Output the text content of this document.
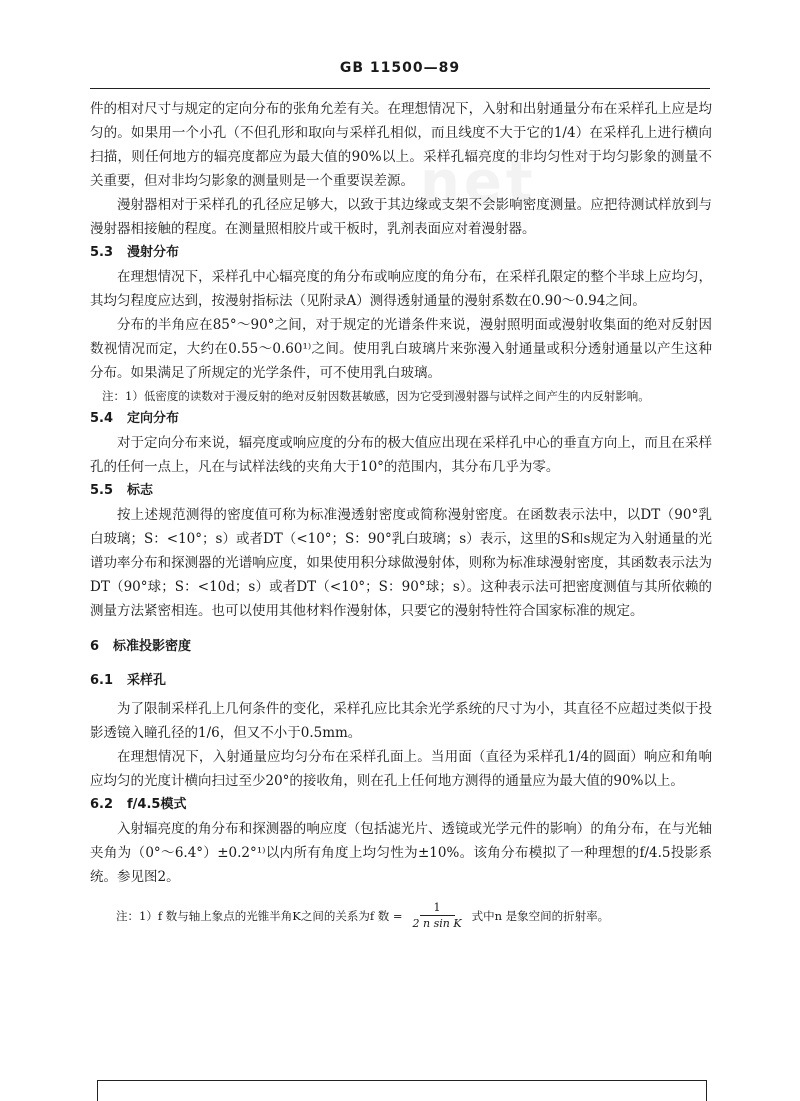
net
GB 11500—89

件的相对尺寸与规定的定向分布的张角允差有关。在理想情况下，入射和出射通量分布在采样孔上应是均匀的。如果用一个小孔（不但孔形和取向与采样孔相似，而且线度不大于它的1/4）在采样孔上进行横向扫描，则任何地方的辐亮度都应为最大值的90%以上。采样孔辐亮度的非均匀性对于均匀影象的测量不关重要，但对非均匀影象的测量则是一个重要误差源。

漫射器相对于采样孔的孔径应足够大，以致于其边缘或支架不会影响密度测量。应把待测试样放到与漫射器相接触的程度。在测量照相胶片或干板时，乳剂表面应对着漫射器。

5.3 漫射分布

在理想情况下，采样孔中心辐亮度的角分布或响应度的角分布，在采样孔限定的整个半球上应均匀，其均匀程度应达到，按漫射指标法（见附录A）测得透射通量的漫射系数在0.90～0.94之间。

分布的半角应在85°～90°之间，对于规定的光谱条件来说，漫射照明面或漫射收集面的绝对反射因数视情况而定，大约在0.55～0.60¹⁾之间。使用乳白玻璃片来弥漫入射通量或积分透射通量以产生这种分布。如果满足了所规定的光学条件，可不使用乳白玻璃。

注：1）低密度的读数对于漫反射的绝对反射因数甚敏感，因为它受到漫射器与试样之间产生的内反射影响。

5.4 定向分布

对于定向分布来说，辐亮度或响应度的分布的极大值应出现在采样孔中心的垂直方向上，而且在采样孔的任何一点上，凡在与试样法线的夹角大于10°的范围内，其分布几乎为零。

5.5 标志

按上述规范测得的密度值可称为标准漫透射密度或简称漫射密度。在函数表示法中，以DT（90°乳白玻璃；S：<10°；s）或者DT（<10°；S：90°乳白玻璃；s）表示，这里的S和s规定为入射通量的光谱功率分布和探测器的光谱响应度，如果使用积分球做漫射体，则称为标准球漫射密度，其函数表示法为DT（90°球；S：<10d；s）或者DT（<10°；S：90°球；s）。这种表示法可把密度测值与其所依赖的测量方法紧密相连。也可以使用其他材料作漫射体，只要它的漫射特性符合国家标准的规定。

6 标准投影密度
6.1 采样孔

为了限制采样孔上几何条件的变化，采样孔应比其余光学系统的尺寸为小，其直径不应超过类似于投影透镜入瞳孔径的1/6，但又不小于0.5mm。

在理想情况下，入射通量应均匀分布在采样孔面上。当用面（直径为采样孔1/4的圆面）响应和角响应均匀的光度计横向扫过至少20°的接收角，则在孔上任何地方测得的通量应为最大值的90%以上。

6.2 f/4.5模式

入射辐亮度的角分布和探测器的响应度（包括滤光片、透镜或光学元件的影响）的角分布，在与光轴夹角为（0°～6.4°）±0.2°¹⁾以内所有角度上均匀性为±10%。该角分布模拟了一种理想的f/4.5投影系统。参见图2。

注：1）f 数与轴上象点的光锥半角K之间的关系为f 数 = $\frac{1}{\text{2 n sin K}}$ 式中n 是象空间的折射率。
